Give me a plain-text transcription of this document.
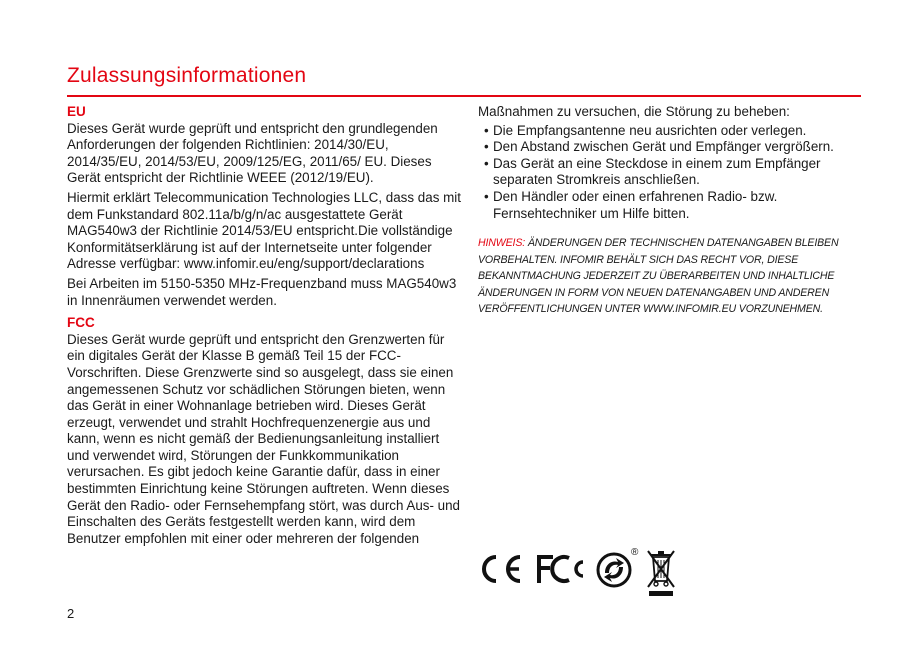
Zulassungsinformationen
EU

Dieses Gerät wurde geprüft und entspricht den grundlegenden Anforderungen der folgenden Richtlinien: 2014/30/EU, 2014/35/EU, 2014/53/EU, 2009/125/EG, 2011/65/ EU. Dieses Gerät entspricht der Richtlinie WEEE (2012/19/EU).

Hiermit erklärt Telecommunication Technologies LLC, dass das mit dem Funkstandard 802.11a/b/g/n/ac ausgestattete Gerät MAG540w3 der Richtlinie 2014/53/EU entspricht.Die vollständige Konformitätserklärung ist auf der Internetseite unter folgender Adresse verfügbar: www.infomir.eu/eng/support/declarations

Bei Arbeiten im 5150-5350 MHz-Frequenzband muss MAG540w3 in Innenräumen verwendet werden.

FCC

Dieses Gerät wurde geprüft und entspricht den Grenzwerten für ein digitales Gerät der Klasse B gemäß Teil 15 der FCC-Vorschriften. Diese Grenzwerte sind so ausgelegt, dass sie einen angemessenen Schutz vor schädlichen Störungen bieten, wenn das Gerät in einer Wohnanlage betrieben wird. Dieses Gerät erzeugt, verwendet und strahlt Hochfrequenzenergie aus und kann, wenn es nicht gemäß der Bedienungsanleitung installiert und verwendet wird, Störungen der Funkkommunikation verursachen. Es gibt jedoch keine Garantie dafür, dass in einer bestimmten Einrichtung keine Störungen auftreten. Wenn dieses Gerät den Radio- oder Fernsehempfang stört, was durch Aus- und Einschalten des Geräts festgestellt werden kann, wird dem Benutzer empfohlen mit einer oder mehreren der folgenden

Maßnahmen zu versuchen, die Störung zu beheben:

• Die Empfangsantenne neu ausrichten oder verlegen.
• Den Abstand zwischen Gerät und Empfänger vergrößern.
• Das Gerät an eine Steckdose in einem zum Empfänger separaten Stromkreis anschließen.
• Den Händler oder einen erfahrenen Radio- bzw. Fernsehtechniker um Hilfe bitten.
HINWEIS: ÄNDERUNGEN DER TECHNISCHEN DATENANGABEN BLEIBEN VORBEHALTEN. INFOMIR BEHÄLT SICH DAS RECHT VOR, DIESE BEKANNTMACHUNG JEDERZEIT ZU ÜBERARBEITEN UND INHALTLICHE ÄNDERUNGEN IN FORM VON NEUEN DATENANGABEN UND ANDEREN VERÖFFENTLICHUNGEN UNTER WWW.INFOMIR.EU VORZUNEHMEN.
®
2
